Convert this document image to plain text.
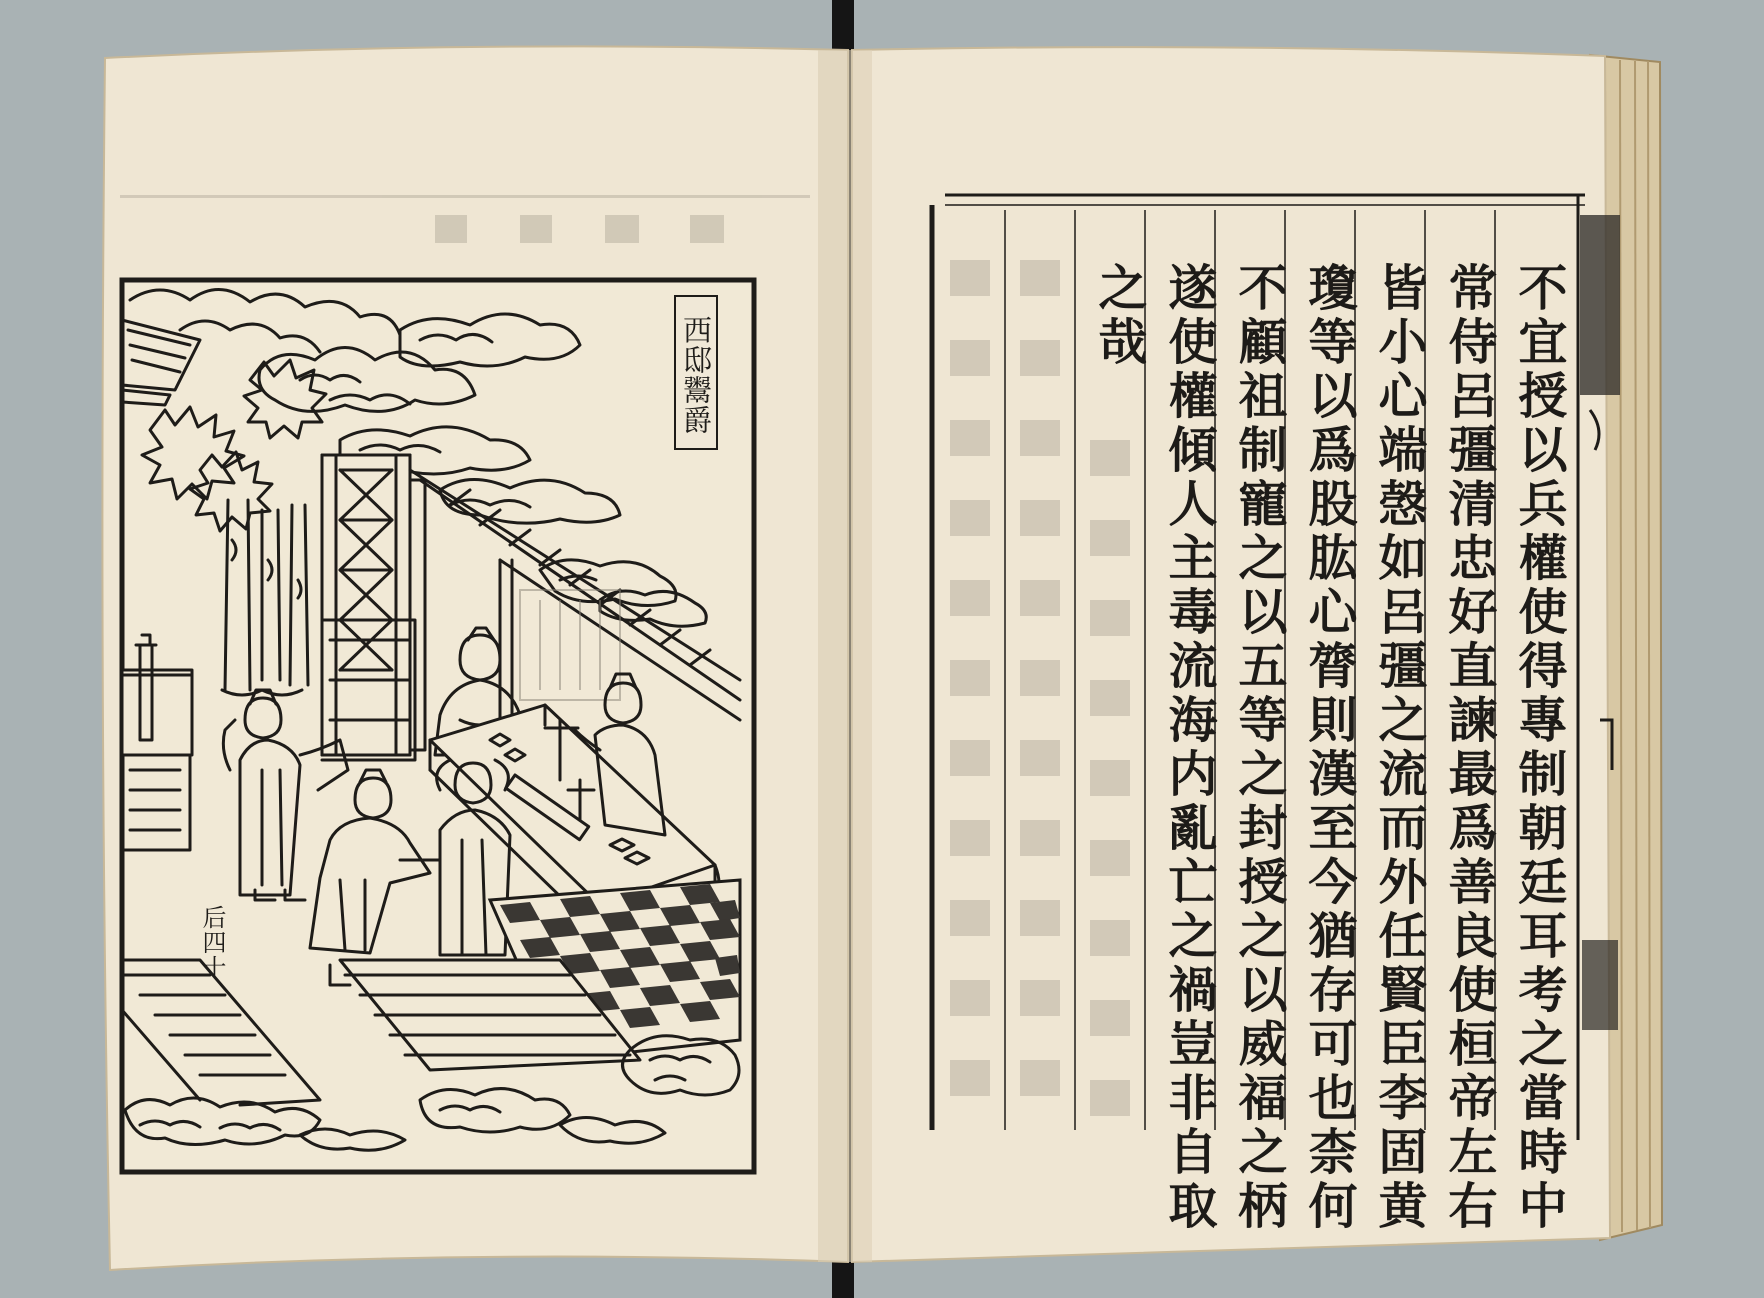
西邸鬻爵
后四十	不宜授以兵權使得專制朝廷耳考之當時中
常侍呂彊清忠好直諫最爲善良使桓帝左右
皆小心端愨如呂彊之流而外任賢臣李固黄
瓊等以爲股肱心膂則漢至今猶存可也柰何
不顧祖制寵之以五等之封授之以威福之柄
遂使權傾人主毒流海内亂亡之禍豈非自取
之哉
